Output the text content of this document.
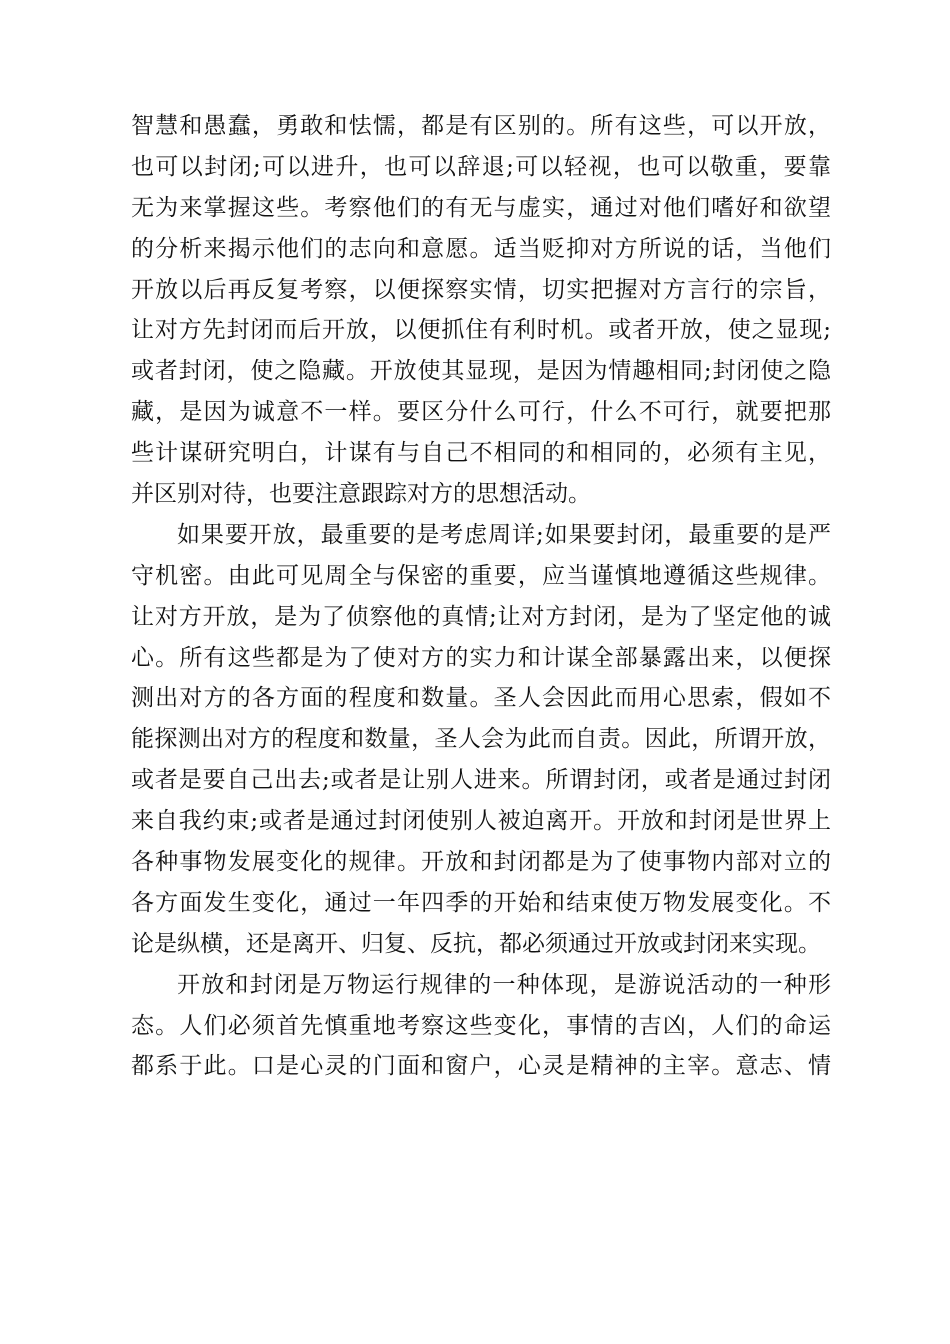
智慧和愚蠢，勇敢和怯懦，都是有区别的。所有这些，可以开放，
也可以封闭;可以进升，也可以辞退;可以轻视，也可以敬重，要靠
无为来掌握这些。考察他们的有无与虚实，通过对他们嗜好和欲望
的分析来揭示他们的志向和意愿。适当贬抑对方所说的话，当他们
开放以后再反复考察，以便探察实情，切实把握对方言行的宗旨，
让对方先封闭而后开放，以便抓住有利时机。或者开放，使之显现;
或者封闭，使之隐藏。开放使其显现，是因为情趣相同;封闭使之隐
藏，是因为诚意不一样。要区分什么可行，什么不可行，就要把那
些计谋研究明白，计谋有与自己不相同的和相同的，必须有主见，
并区别对待，也要注意跟踪对方的思想活动。
如果要开放，最重要的是考虑周详;如果要封闭，最重要的是严
守机密。由此可见周全与保密的重要，应当谨慎地遵循这些规律。
让对方开放，是为了侦察他的真情;让对方封闭，是为了坚定他的诚
心。所有这些都是为了使对方的实力和计谋全部暴露出来，以便探
测出对方的各方面的程度和数量。圣人会因此而用心思索，假如不
能探测出对方的程度和数量，圣人会为此而自责。因此，所谓开放，
或者是要自己出去;或者是让别人进来。所谓封闭，或者是通过封闭
来自我约束;或者是通过封闭使别人被迫离开。开放和封闭是世界上
各种事物发展变化的规律。开放和封闭都是为了使事物内部对立的
各方面发生变化，通过一年四季的开始和结束使万物发展变化。不
论是纵横，还是离开、归复、反抗，都必须通过开放或封闭来实现。
开放和封闭是万物运行规律的一种体现，是游说活动的一种形
态。人们必须首先慎重地考察这些变化，事情的吉凶，人们的命运
都系于此。口是心灵的门面和窗户，心灵是精神的主宰。意志、情
